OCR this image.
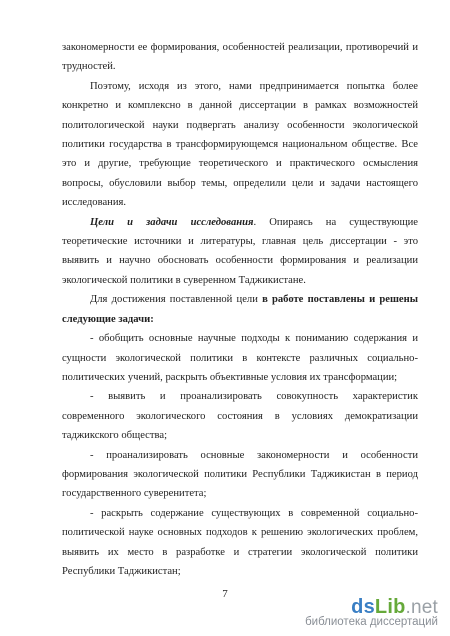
закономерности ее формирования, особенностей реализации, противоречий и трудностей.

Поэтому, исходя из этого, нами предпринимается попытка более конкретно и комплексно в данной диссертации в рамках возможностей политологической науки подвергать анализу особенности экологической политики государства в трансформирующемся национальном обществе. Все это и другие, требующие теоретического и практического осмысления вопросы, обусловили выбор темы, определили цели и задачи настоящего исследования.

Цели и задачи исследования. Опираясь на существующие теоретические источники и литературы, главная цель диссертации - это выявить и научно обосновать особенности формирования и реализации экологической политики в суверенном Таджикистане.

Для достижения поставленной цели в работе поставлены и решены следующие задачи:

- обобщить основные научные подходы к пониманию содержания и сущности экологической политики в контексте различных социально-политических учений, раскрыть объективные условия их трансформации;

- выявить и проанализировать совокупность характеристик современного экологического состояния в условиях демократизации таджикского общества;

- проанализировать основные закономерности и особенности формирования экологической политики Республики Таджикистан в период государственного суверенитета;

- раскрыть содержание существующих в современной социально-политической науке основных подходов к решению экологических проблем, выявить их место в разработке и стратегии экологической политики Республики Таджикистан;

7
dsLib.net
библиотека диссертаций
